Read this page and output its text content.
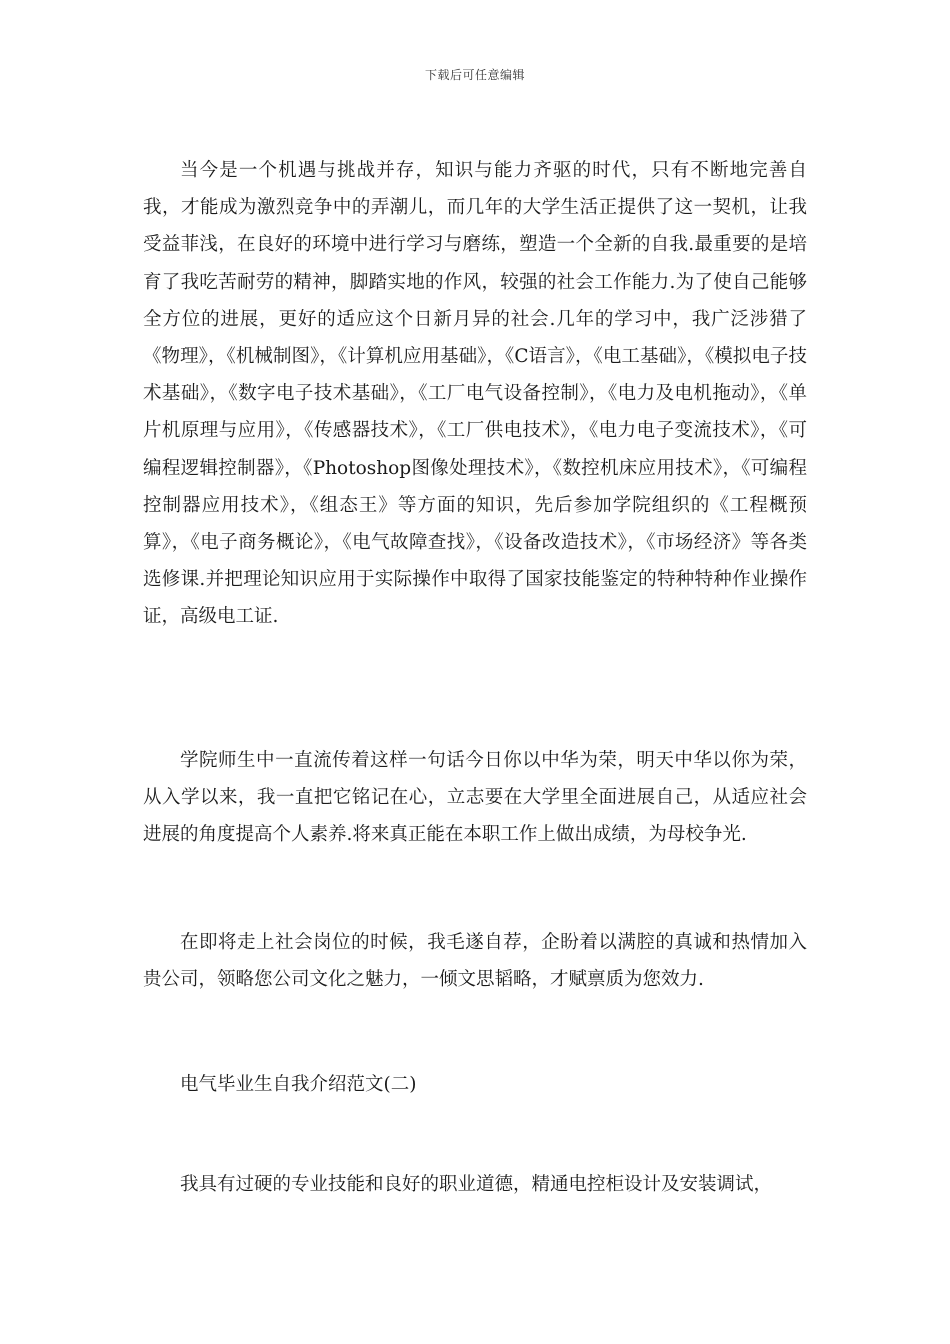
下载后可任意编辑

当今是一个机遇与挑战并存，知识与能力齐驱的时代，只有不断地完善自我，才能成为激烈竞争中的弄潮儿，而几年的大学生活正提供了这一契机，让我受益菲浅，在良好的环境中进行学习与磨练，塑造一个全新的自我.最重要的是培育了我吃苦耐劳的精神，脚踏实地的作风，较强的社会工作能力.为了使自己能够全方位的进展，更好的适应这个日新月异的社会.几年的学习中，我广泛涉猎了《物理》，《机械制图》，《计算机应用基础》，《C语言》，《电工基础》，《模拟电子技术基础》，《数字电子技术基础》，《工厂电气设备控制》，《电力及电机拖动》，《单片机原理与应用》，《传感器技术》，《工厂供电技术》，《电力电子变流技术》，《可编程逻辑控制器》，《Photoshop图像处理技术》，《数控机床应用技术》，《可编程控制器应用技术》，《组态王》等方面的知识，先后参加学院组织的《工程概预算》，《电子商务概论》，《电气故障查找》，《设备改造技术》，《市场经济》等各类选修课.并把理论知识应用于实际操作中取得了国家技能鉴定的特种特种作业操作证，高级电工证.

学院师生中一直流传着这样一句话今日你以中华为荣，明天中华以你为荣，从入学以来，我一直把它铭记在心，立志要在大学里全面进展自己，从适应社会进展的角度提高个人素养.将来真正能在本职工作上做出成绩，为母校争光.

在即将走上社会岗位的时候，我毛遂自荐，企盼着以满腔的真诚和热情加入贵公司，领略您公司文化之魅力，一倾文思韬略，才赋禀质为您效力.

电气毕业生自我介绍范文(二)

我具有过硬的专业技能和良好的职业道德，精通电控柜设计及安装调试，
